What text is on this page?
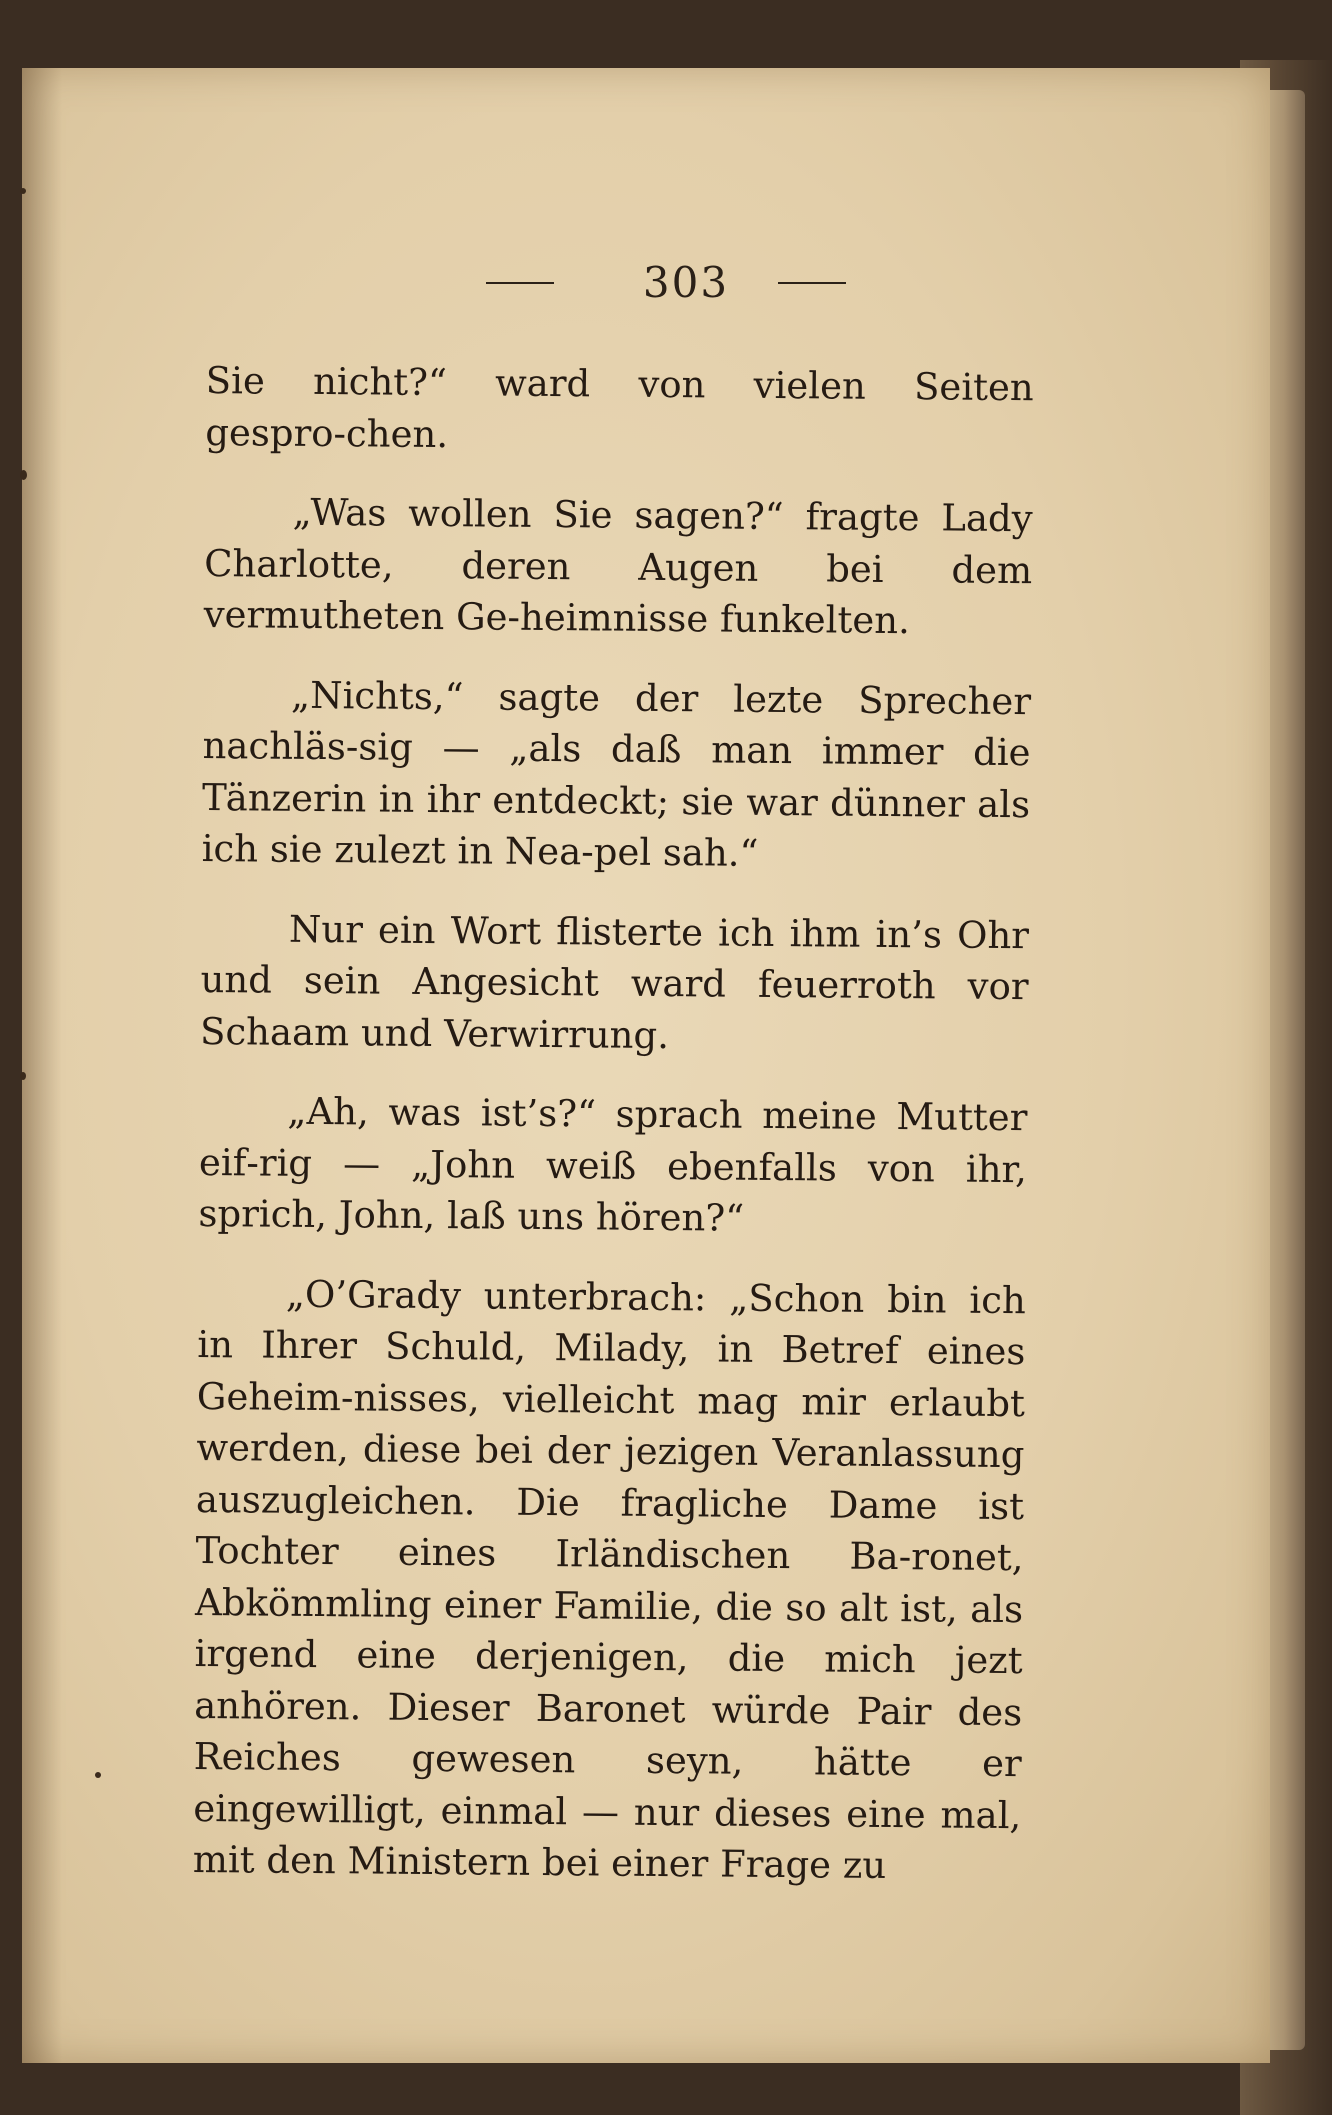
303

Sie nicht?“ ward von vielen Seiten gespro‑chen.

„Was wollen Sie sagen?“ fragte Lady Charlotte, deren Augen bei dem vermutheten Ge‑heimnisse funkelten.

„Nichts,“ sagte der lezte Sprecher nachläs‑sig — „als daß man immer die Tänzerin in ihr entdeckt; sie war dünner als ich sie zulezt in Nea‑pel sah.“

Nur ein Wort flisterte ich ihm in’s Ohr und sein Angesicht ward feuerroth vor Schaam und Verwirrung.

„Ah, was ist’s?“ sprach meine Mutter eif‑rig — „John weiß ebenfalls von ihr, sprich, John, laß uns hören?“

„O’Grady unterbrach: „Schon bin ich in Ihrer Schuld, Milady, in Betref eines Geheim‑nisses, vielleicht mag mir erlaubt werden, diese bei der jezigen Veranlassung auszugleichen. Die fragliche Dame ist Tochter eines Irländischen Ba‑ronet, Abkömmling einer Familie, die so alt ist, als irgend eine derjenigen, die mich jezt anhören. Dieser Baronet würde Pair des Reiches gewesen seyn, hätte er eingewilligt, einmal — nur dieses eine mal, mit den Ministern bei einer Frage zu
